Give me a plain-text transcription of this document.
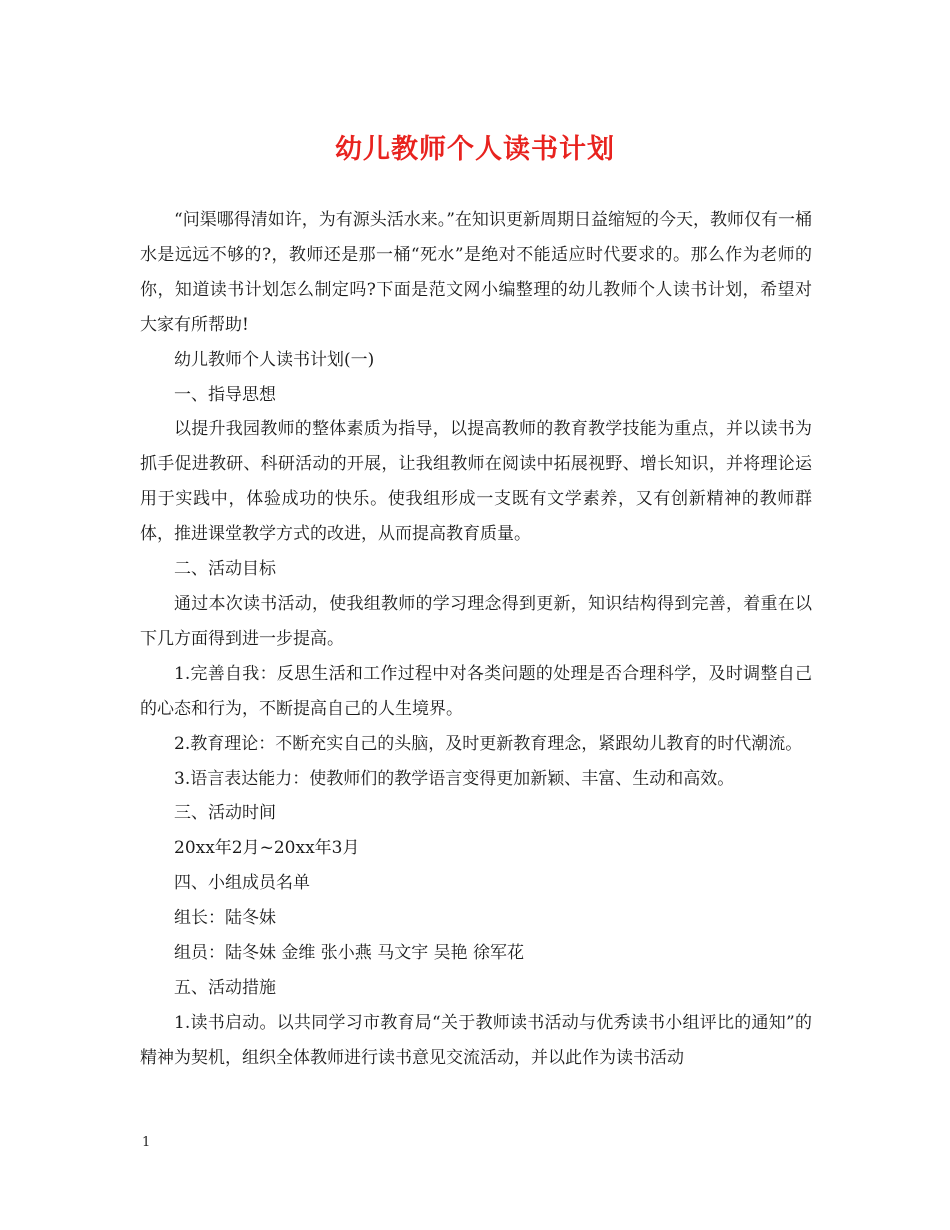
幼儿教师个人读书计划

“问渠哪得清如许，为有源头活水来。”在知识更新周期日益缩短的今天，教师仅有一桶水是远远不够的?，教师还是那一桶“死水”是绝对不能适应时代要求的。那么作为老师的你，知道读书计划怎么制定吗?下面是范文网小编整理的幼儿教师个人读书计划，希望对大家有所帮助!

幼儿教师个人读书计划(一)

一、指导思想

以提升我园教师的整体素质为指导，以提高教师的教育教学技能为重点，并以读书为抓手促进教研、科研活动的开展，让我组教师在阅读中拓展视野、增长知识，并将理论运用于实践中，体验成功的快乐。使我组形成一支既有文学素养，又有创新精神的教师群体，推进课堂教学方式的改进，从而提高教育质量。

二、活动目标

通过本次读书活动，使我组教师的学习理念得到更新，知识结构得到完善，着重在以下几方面得到进一步提高。

1.完善自我：反思生活和工作过程中对各类问题的处理是否合理科学，及时调整自己的心态和行为，不断提高自己的人生境界。

2.教育理论：不断充实自己的头脑，及时更新教育理念，紧跟幼儿教育的时代潮流。

3.语言表达能力：使教师们的教学语言变得更加新颖、丰富、生动和高效。

三、活动时间

20xx年2月~20xx年3月

四、小组成员名单

组长：陆冬妹

组员：陆冬妹 金维 张小燕 马文宇 吴艳 徐军花

五、活动措施

1.读书启动。以共同学习市教育局“关于教师读书活动与优秀读书小组评比的通知”的精神为契机，组织全体教师进行读书意见交流活动，并以此作为读书活动

1
